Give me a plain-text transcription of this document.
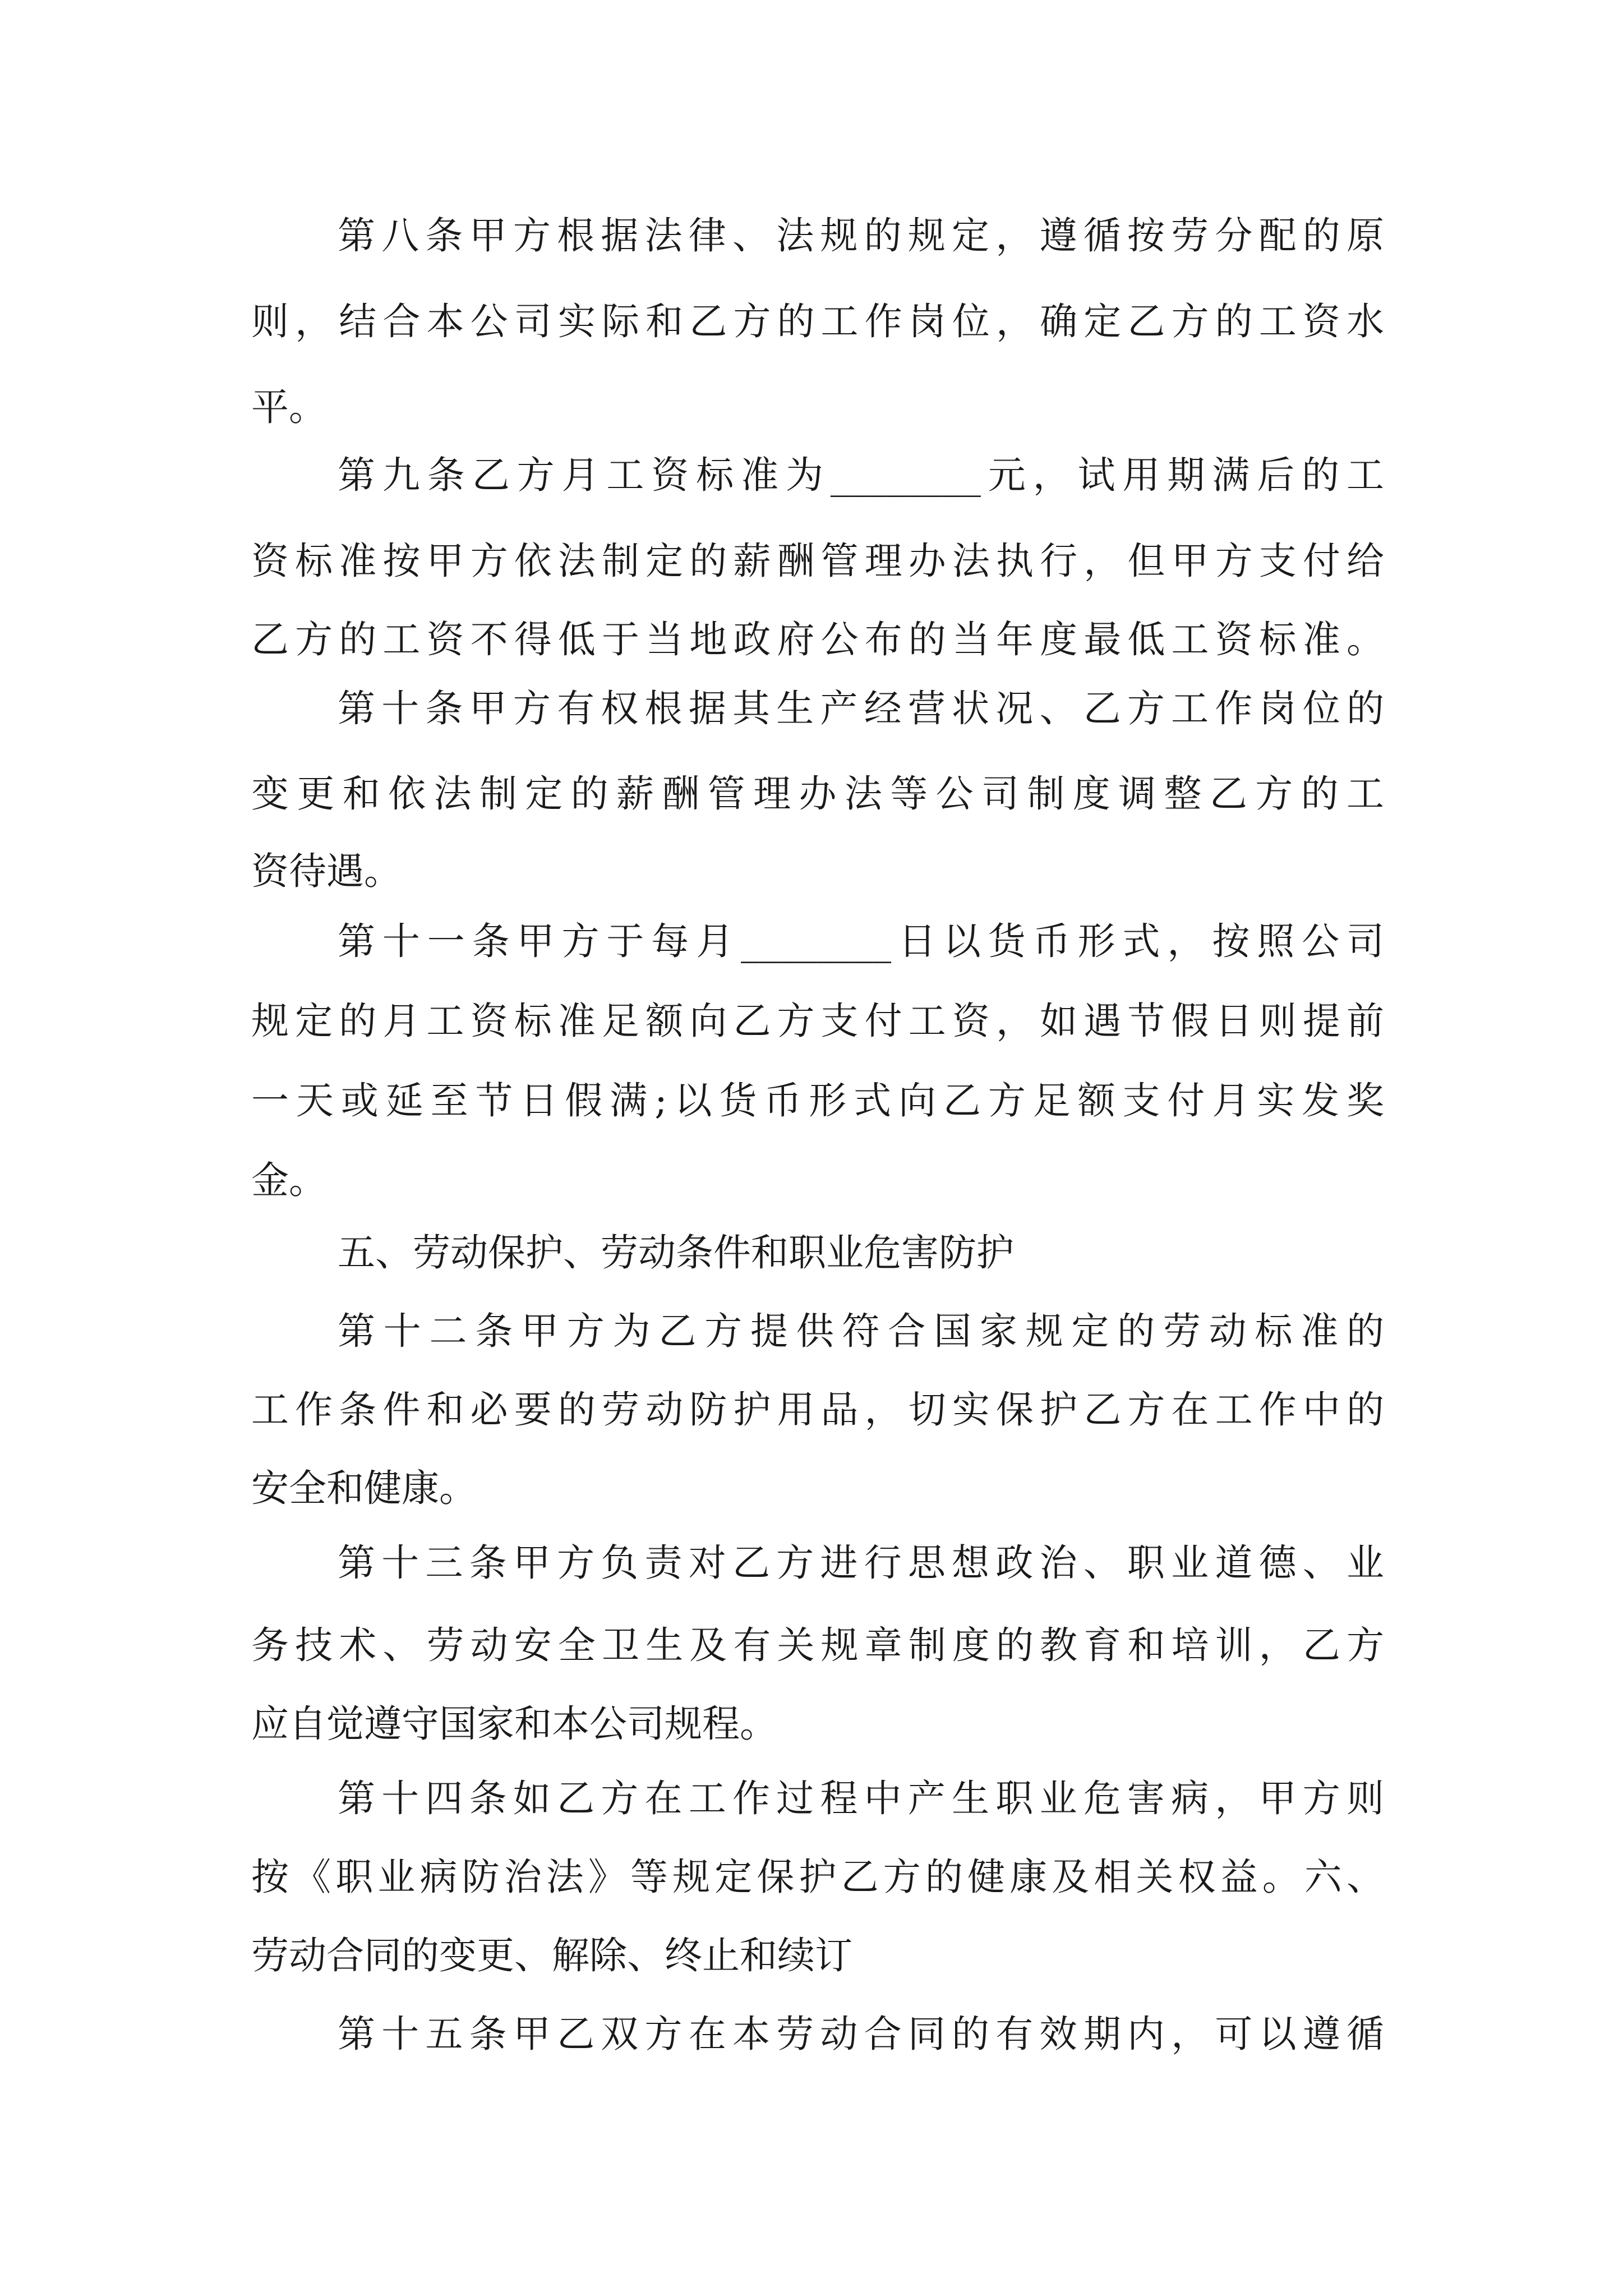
第八条甲方根据法律、法规的规定，遵循按劳分配的原

则，结合本公司实际和乙方的工作岗位，确定乙方的工资水

平。

第九条乙方月工资标准为________元，试用期满后的工

资标准按甲方依法制定的薪酬管理办法执行，但甲方支付给

乙方的工资不得低于当地政府公布的当年度最低工资标准。

第十条甲方有权根据其生产经营状况、乙方工作岗位的

变更和依法制定的薪酬管理办法等公司制度调整乙方的工

资待遇。

第十一条甲方于每月________日以货币形式，按照公司

规定的月工资标准足额向乙方支付工资，如遇节假日则提前

一天或延至节日假满;以货币形式向乙方足额支付月实发奖

金。

五、劳动保护、劳动条件和职业危害防护

第十二条甲方为乙方提供符合国家规定的劳动标准的

工作条件和必要的劳动防护用品，切实保护乙方在工作中的

安全和健康。

第十三条甲方负责对乙方进行思想政治、职业道德、业

务技术、劳动安全卫生及有关规章制度的教育和培训，乙方

应自觉遵守国家和本公司规程。

第十四条如乙方在工作过程中产生职业危害病，甲方则

按《职业病防治法》等规定保护乙方的健康及相关权益。六、

劳动合同的变更、解除、终止和续订

第十五条甲乙双方在本劳动合同的有效期内，可以遵循
